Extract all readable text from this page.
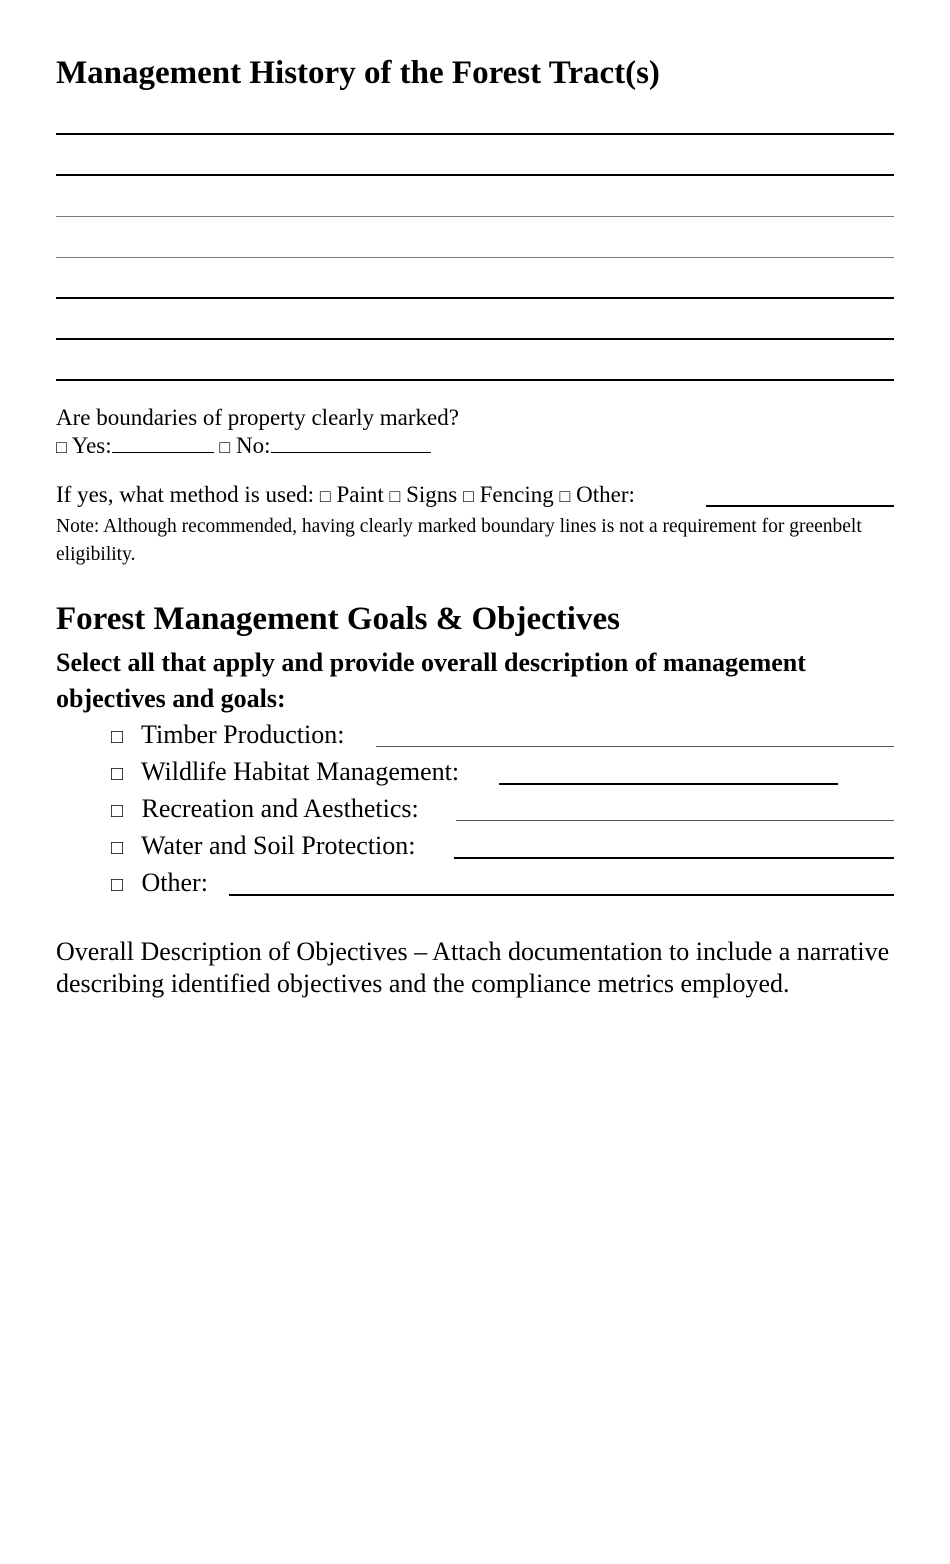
Management History of the Forest Tract(s)
Are boundaries of property clearly marked?
□ Yes:	□ No:
If yes, what method is used: □ Paint □ Signs □ Fencing □ Other:
Note: Although recommended, having clearly marked boundary lines is not a requirement for greenbelt eligibility.
Forest Management Goals & Objectives
Select all that apply and provide overall description of management objectives and goals:
□ Timber Production:
□ Wildlife Habitat Management:
□ Recreation and Aesthetics:
□ Water and Soil Protection:
□ Other:
Overall Description of Objectives – Attach documentation to include a narrative describing identified objectives and the compliance metrics employed.
